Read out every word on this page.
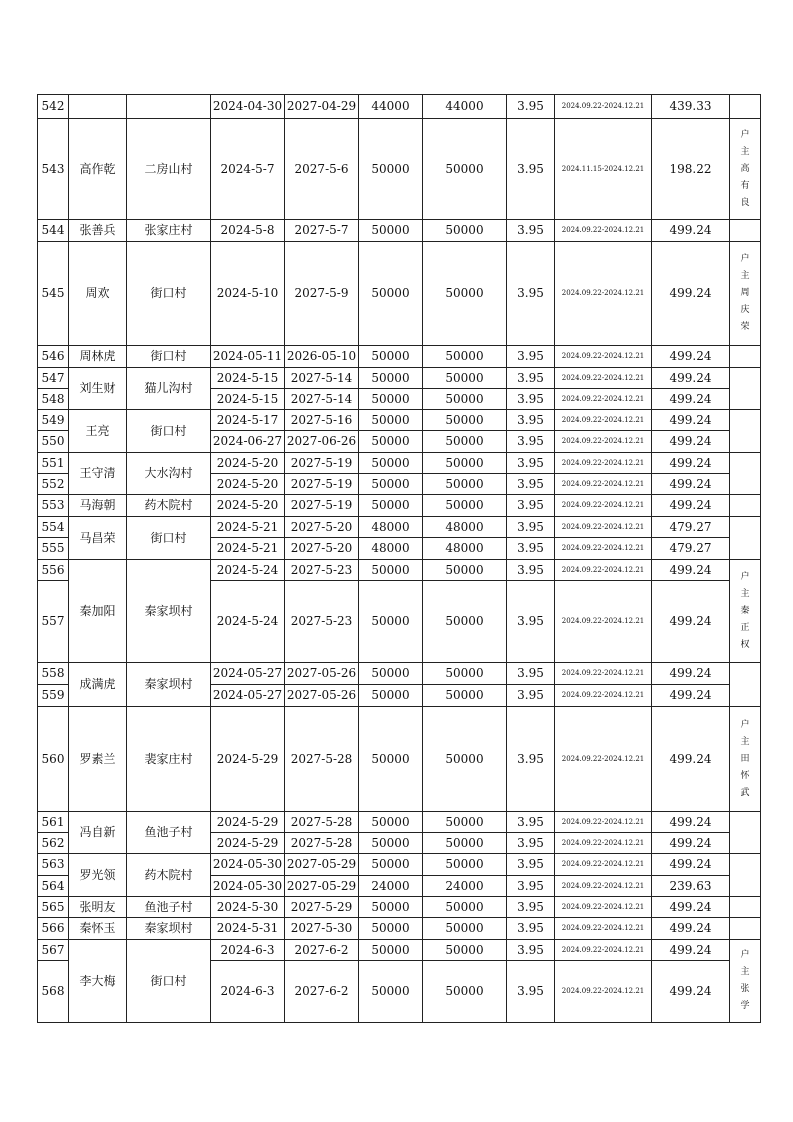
542			2024-04-30	2027-04-29	44000	44000	3.95	2024.09.22-2024.12.21	439.33	
543	高作乾	二房山村	2024-5-7	2027-5-6	50000	50000	3.95	2024.11.15-2024.12.21	198.22	户主高有良
544	张善兵	张家庄村	2024-5-8	2027-5-7	50000	50000	3.95	2024.09.22-2024.12.21	499.24	
545	周欢	街口村	2024-5-10	2027-5-9	50000	50000	3.95	2024.09.22-2024.12.21	499.24	户主周庆荣
546	周林虎	街口村	2024-05-11	2026-05-10	50000	50000	3.95	2024.09.22-2024.12.21	499.24	
547	刘生财	猫儿沟村	2024-5-15	2027-5-14	50000	50000	3.95	2024.09.22-2024.12.21	499.24	
548			2024-5-15	2027-5-14	50000	50000	3.95	2024.09.22-2024.12.21	499.24	
549	王亮	街口村	2024-5-17	2027-5-16	50000	50000	3.95	2024.09.22-2024.12.21	499.24	
550			2024-06-27	2027-06-26	50000	50000	3.95	2024.09.22-2024.12.21	499.24	
551	王守清	大水沟村	2024-5-20	2027-5-19	50000	50000	3.95	2024.09.22-2024.12.21	499.24	
552			2024-5-20	2027-5-19	50000	50000	3.95	2024.09.22-2024.12.21	499.24	
553	马海朝	药木院村	2024-5-20	2027-5-19	50000	50000	3.95	2024.09.22-2024.12.21	499.24	
554	马昌荣	街口村	2024-5-21	2027-5-20	48000	48000	3.95	2024.09.22-2024.12.21	479.27	
555			2024-5-21	2027-5-20	48000	48000	3.95	2024.09.22-2024.12.21	479.27	
556	秦加阳	秦家坝村	2024-5-24	2027-5-23	50000	50000	3.95	2024.09.22-2024.12.21	499.24	户主秦正权
557			2024-5-24	2027-5-23	50000	50000	3.95	2024.09.22-2024.12.21	499.24	
558	成满虎	秦家坝村	2024-05-27	2027-05-26	50000	50000	3.95	2024.09.22-2024.12.21	499.24	
559			2024-05-27	2027-05-26	50000	50000	3.95	2024.09.22-2024.12.21	499.24	
560	罗素兰	裴家庄村	2024-5-29	2027-5-28	50000	50000	3.95	2024.09.22-2024.12.21	499.24	户主田怀武
561	冯自新	鱼池子村	2024-5-29	2027-5-28	50000	50000	3.95	2024.09.22-2024.12.21	499.24	
562			2024-5-29	2027-5-28	50000	50000	3.95	2024.09.22-2024.12.21	499.24	
563	罗光领	药木院村	2024-05-30	2027-05-29	50000	50000	3.95	2024.09.22-2024.12.21	499.24	
564			2024-05-30	2027-05-29	24000	24000	3.95	2024.09.22-2024.12.21	239.63	
565	张明友	鱼池子村	2024-5-30	2027-5-29	50000	50000	3.95	2024.09.22-2024.12.21	499.24	
566	秦怀玉	秦家坝村	2024-5-31	2027-5-30	50000	50000	3.95	2024.09.22-2024.12.21	499.24	
567	李大梅	街口村	2024-6-3	2027-6-2	50000	50000	3.95	2024.09.22-2024.12.21	499.24	户主张学
568			2024-6-3	2027-6-2	50000	50000	3.95	2024.09.22-2024.12.21	499.24	
